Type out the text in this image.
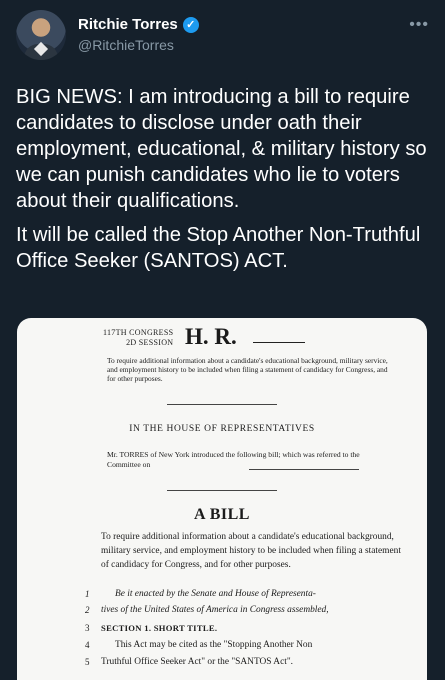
Ritchie Torres ✓
@RitchieTorres
•••

BIG NEWS: I am introducing a bill to require candidates to disclose under oath their employment, educational, & military history so we can punish candidates who lie to voters about their qualifications.

It will be called the Stop Another Non-Truthful Office Seeker (SANTOS) ACT.

117TH CONGRESS
2D SESSION H. R.
To require additional information about a candidate's educational background, military service, and employment history to be included when filing a statement of candidacy for Congress, and for other purposes.
IN THE HOUSE OF REPRESENTATIVES
Mr. TORRES of New York introduced the following bill; which was referred to the Committee on
A BILL
To require additional information about a candidate's educational background, military service, and employment history to be included when filing a statement of candidacy for Congress, and for other purposes.
1	Be it enacted by the Senate and House of Representa-
2 tives of the United States of America in Congress assembled,
3 SECTION 1. SHORT TITLE.
4	This Act may be cited as the "Stopping Another Non
5 Truthful Office Seeker Act" or the "SANTOS Act".
